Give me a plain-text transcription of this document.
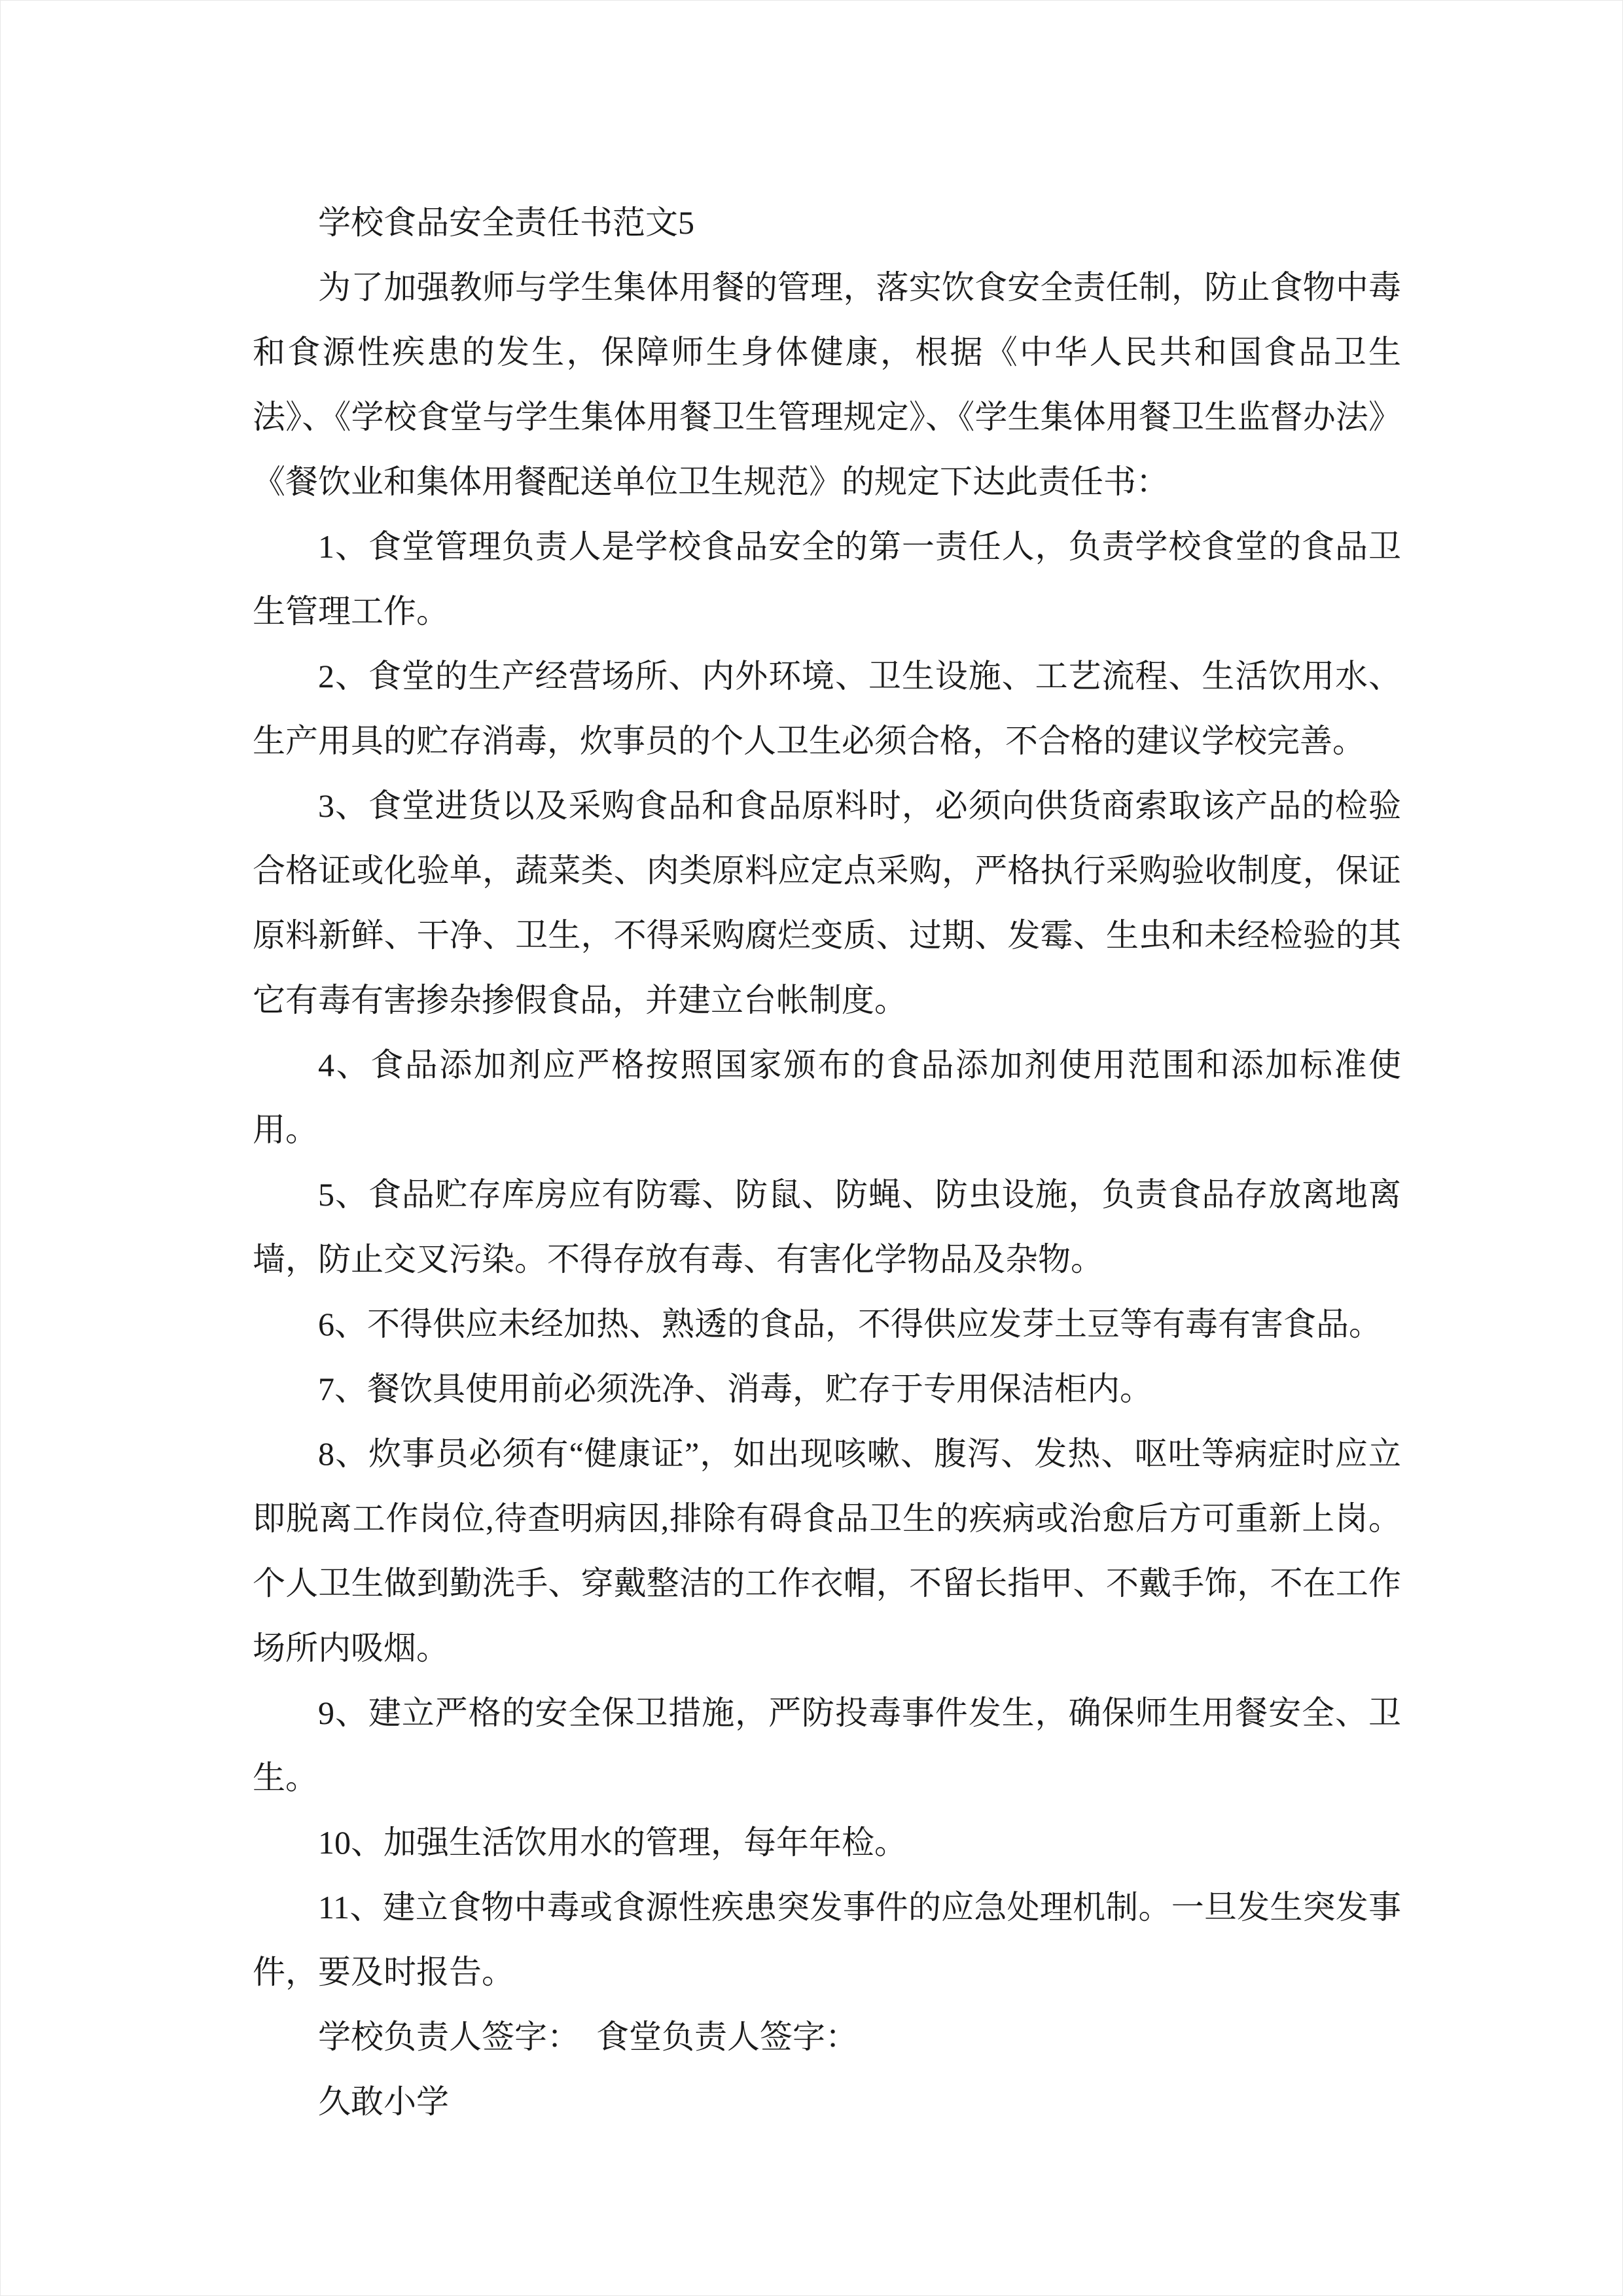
学校食品安全责任书范文5

为了加强教师与学生集体用餐的管理，落实饮食安全责任制，防止食物中毒和食源性疾患的发生，保障师生身体健康，根据《中华人民共和国食品卫生法》、《学校食堂与学生集体用餐卫生管理规定》、《学生集体用餐卫生监督办法》《餐饮业和集体用餐配送单位卫生规范》的规定下达此责任书：

1、食堂管理负责人是学校食品安全的第一责任人，负责学校食堂的食品卫生管理工作。

2、食堂的生产经营场所、内外环境、卫生设施、工艺流程、生活饮用水、生产用具的贮存消毒，炊事员的个人卫生必须合格，不合格的建议学校完善。

3、食堂进货以及采购食品和食品原料时，必须向供货商索取该产品的检验合格证或化验单，蔬菜类、肉类原料应定点采购，严格执行采购验收制度，保证原料新鲜、干净、卫生，不得采购腐烂变质、过期、发霉、生虫和未经检验的其它有毒有害掺杂掺假食品，并建立台帐制度。

4、食品添加剂应严格按照国家颁布的食品添加剂使用范围和添加标准使用。

5、食品贮存库房应有防霉、防鼠、防蝇、防虫设施，负责食品存放离地离墙，防止交叉污染。不得存放有毒、有害化学物品及杂物。

6、不得供应未经加热、熟透的食品，不得供应发芽土豆等有毒有害食品。

7、餐饮具使用前必须洗净、消毒，贮存于专用保洁柜内。

8、炊事员必须有“健康证”，如出现咳嗽、腹泻、发热、呕吐等病症时应立即脱离工作岗位,待查明病因,排除有碍食品卫生的疾病或治愈后方可重新上岗。个人卫生做到勤洗手、穿戴整洁的工作衣帽，不留长指甲、不戴手饰，不在工作场所内吸烟。

9、建立严格的安全保卫措施，严防投毒事件发生，确保师生用餐安全、卫生。

10、加强生活饮用水的管理，每年年检。

11、建立食物中毒或食源性疾患突发事件的应急处理机制。一旦发生突发事件，要及时报告。

学校负责人签字：　食堂负责人签字：

久敢小学
